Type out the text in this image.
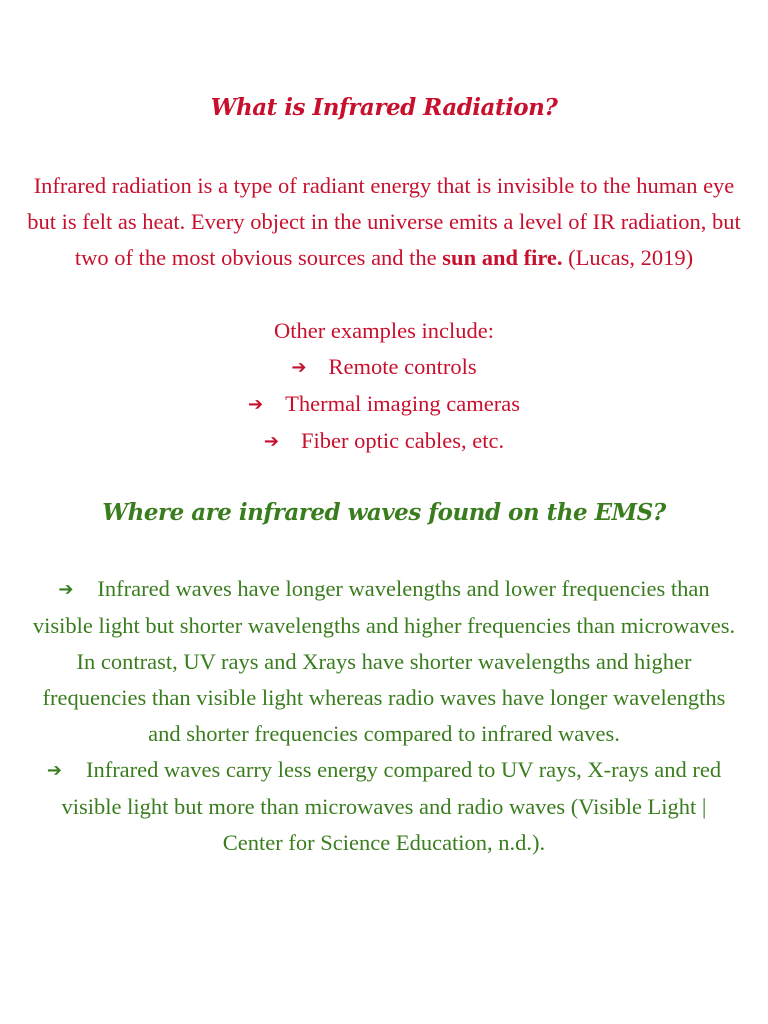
What is Infrared Radiation?

Infrared radiation is a type of radiant energy that is invisible to the human eye
but is felt as heat. Every object in the universe emits a level of IR radiation, but
two of the most obvious sources and the sun and fire. (Lucas, 2019)

Other examples include:

➔ Remote controls
➔ Thermal imaging cameras
➔ Fiber optic cables, etc.
Where are infrared waves found on the EMS?
➔ Infrared waves have longer wavelengths and lower frequencies than
visible light but shorter wavelengths and higher frequencies than microwaves.
In contrast, UV rays and Xrays have shorter wavelengths and higher
frequencies than visible light whereas radio waves have longer wavelengths
and shorter frequencies compared to infrared waves.
➔ Infrared waves carry less energy compared to UV rays, X-rays and red
visible light but more than microwaves and radio waves (Visible Light |
Center for Science Education, n.d.).
